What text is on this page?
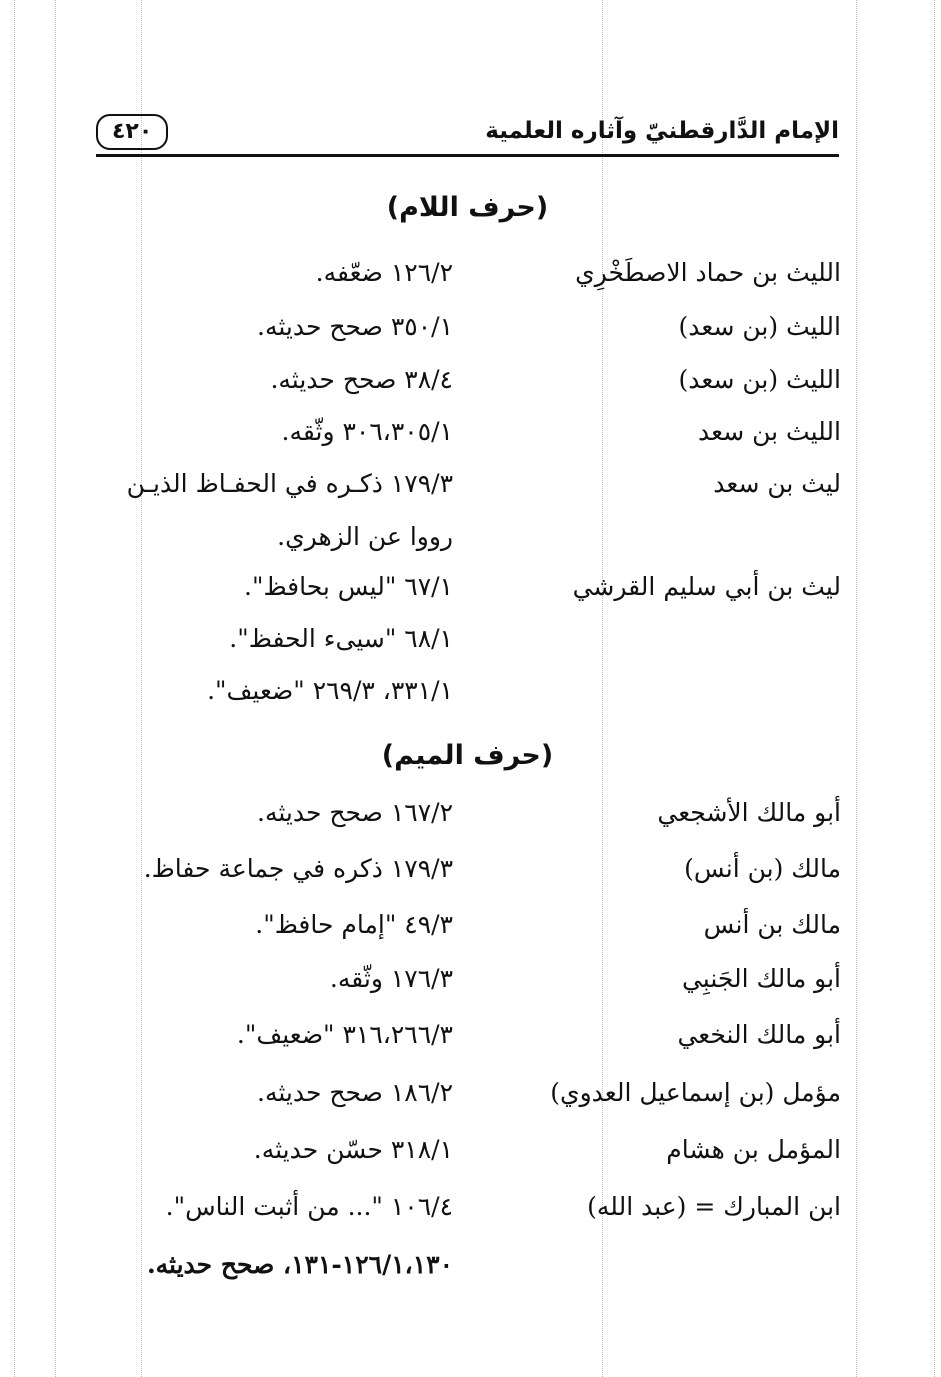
الإمام الدَّارقطنيّ وآثاره العلمية
٤٢٠
(حرف اللام)
الليث بن حماد الاصطَخْرِي
١٢٦/٢ ضعّفه.
الليث (بن سعد)
٣٥٠/١ صحح حديثه.
الليث (بن سعد)
٣٨/٤ صحح حديثه.
الليث بن سعد
٣٠٦،٣٠٥/١ وثّقه.
ليث بن سعد
١٧٩/٣ ذكـره في الحفـاظ الذيـن
رووا عن الزهري.
ليث بن أبي سليم القرشي
٦٧/١ "ليس بحافظ".
٦٨/١ "سيىء الحفظ".
٣٣١/١، ٢٦٩/٣ "ضعيف".
(حرف الميم)
أبو مالك الأشجعي
١٦٧/٢ صحح حديثه.
مالك (بن أنس)
١٧٩/٣ ذكره في جماعة حفاظ.
مالك بن أنس
٤٩/٣ "إمام حافظ".
أبو مالك الجَنبِي
١٧٦/٣ وثّقه.
أبو مالك النخعي
٣١٦،٢٦٦/٣ "ضعيف".
مؤمل (بن إسماعيل العدوي)
١٨٦/٢ صحح حديثه.
المؤمل بن هشام
٣١٨/١ حسّن حديثه.
ابن المبارك = (عبد الله)
١٠٦/٤ "... من أثبت الناس".
١٢٦/١،١٣٠-١٣١، صحح حديثه.
